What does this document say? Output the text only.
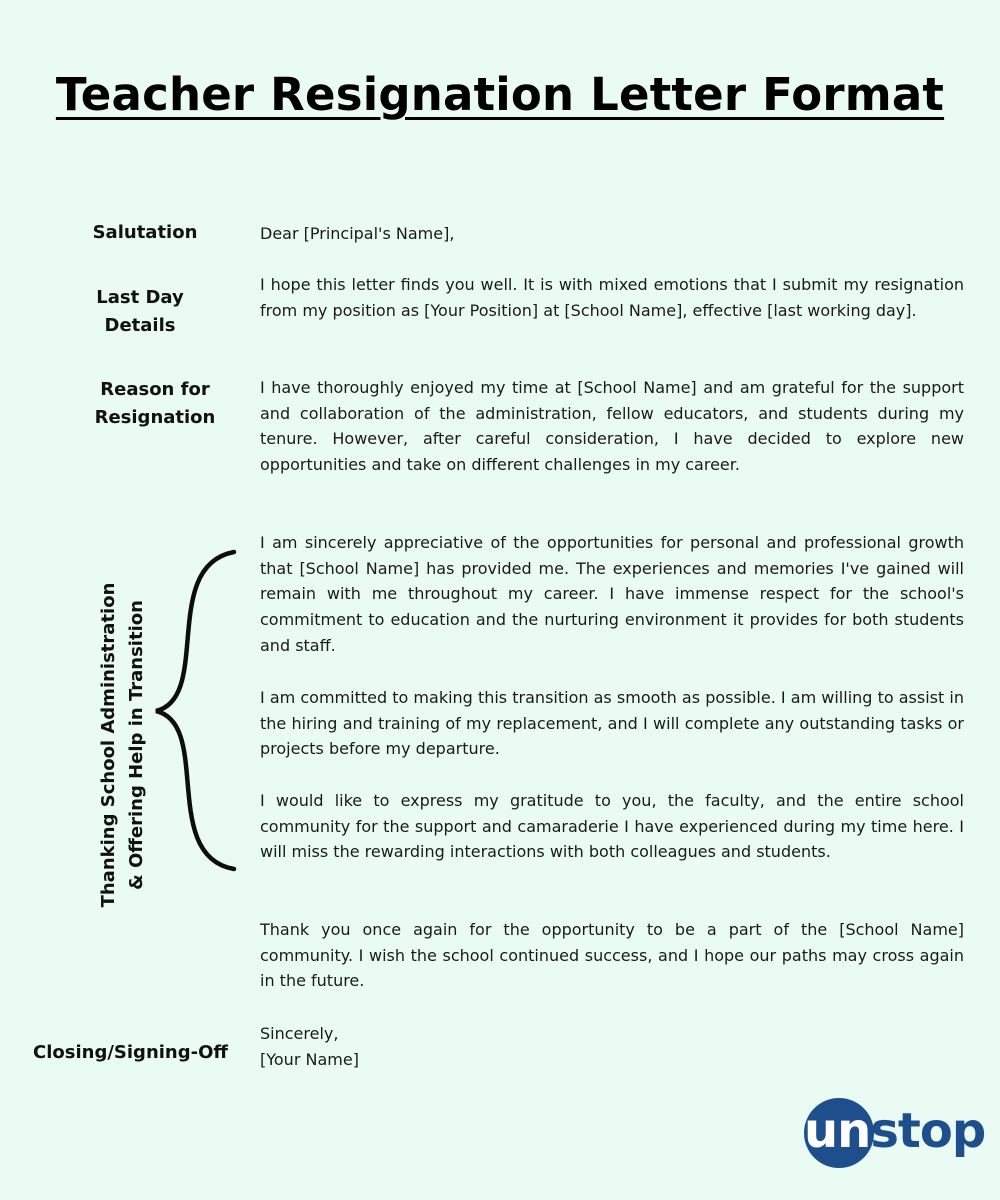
Teacher Resignation Letter Format
Salutation
Last Day Details
Reason for Resignation
Thanking School Administration & Offering Help in Transition
Closing/Signing-Off

Dear [Principal's Name],

I hope this letter finds you well. It is with mixed emotions that I submit my resignation from my position as [Your Position] at [School Name], effective [last working day].

I have thoroughly enjoyed my time at [School Name] and am grateful for the support and collaboration of the administration, fellow educators, and students during my tenure. However, after careful consideration, I have decided to explore new opportunities and take on different challenges in my career.

I am sincerely appreciative of the opportunities for personal and professional growth that [School Name] has provided me. The experiences and memories I've gained will remain with me throughout my career. I have immense respect for the school's commitment to education and the nurturing environment it provides for both students and staff.

I am committed to making this transition as smooth as possible. I am willing to assist in the hiring and training of my replacement, and I will complete any outstanding tasks or projects before my departure.

I would like to express my gratitude to you, the faculty, and the entire school community for the support and camaraderie I have experienced during my time here. I will miss the rewarding interactions with both colleagues and students.

Thank you once again for the opportunity to be a part of the [School Name] community. I wish the school continued success, and I hope our paths may cross again in the future.

Sincerely,

[Your Name]

unstop
